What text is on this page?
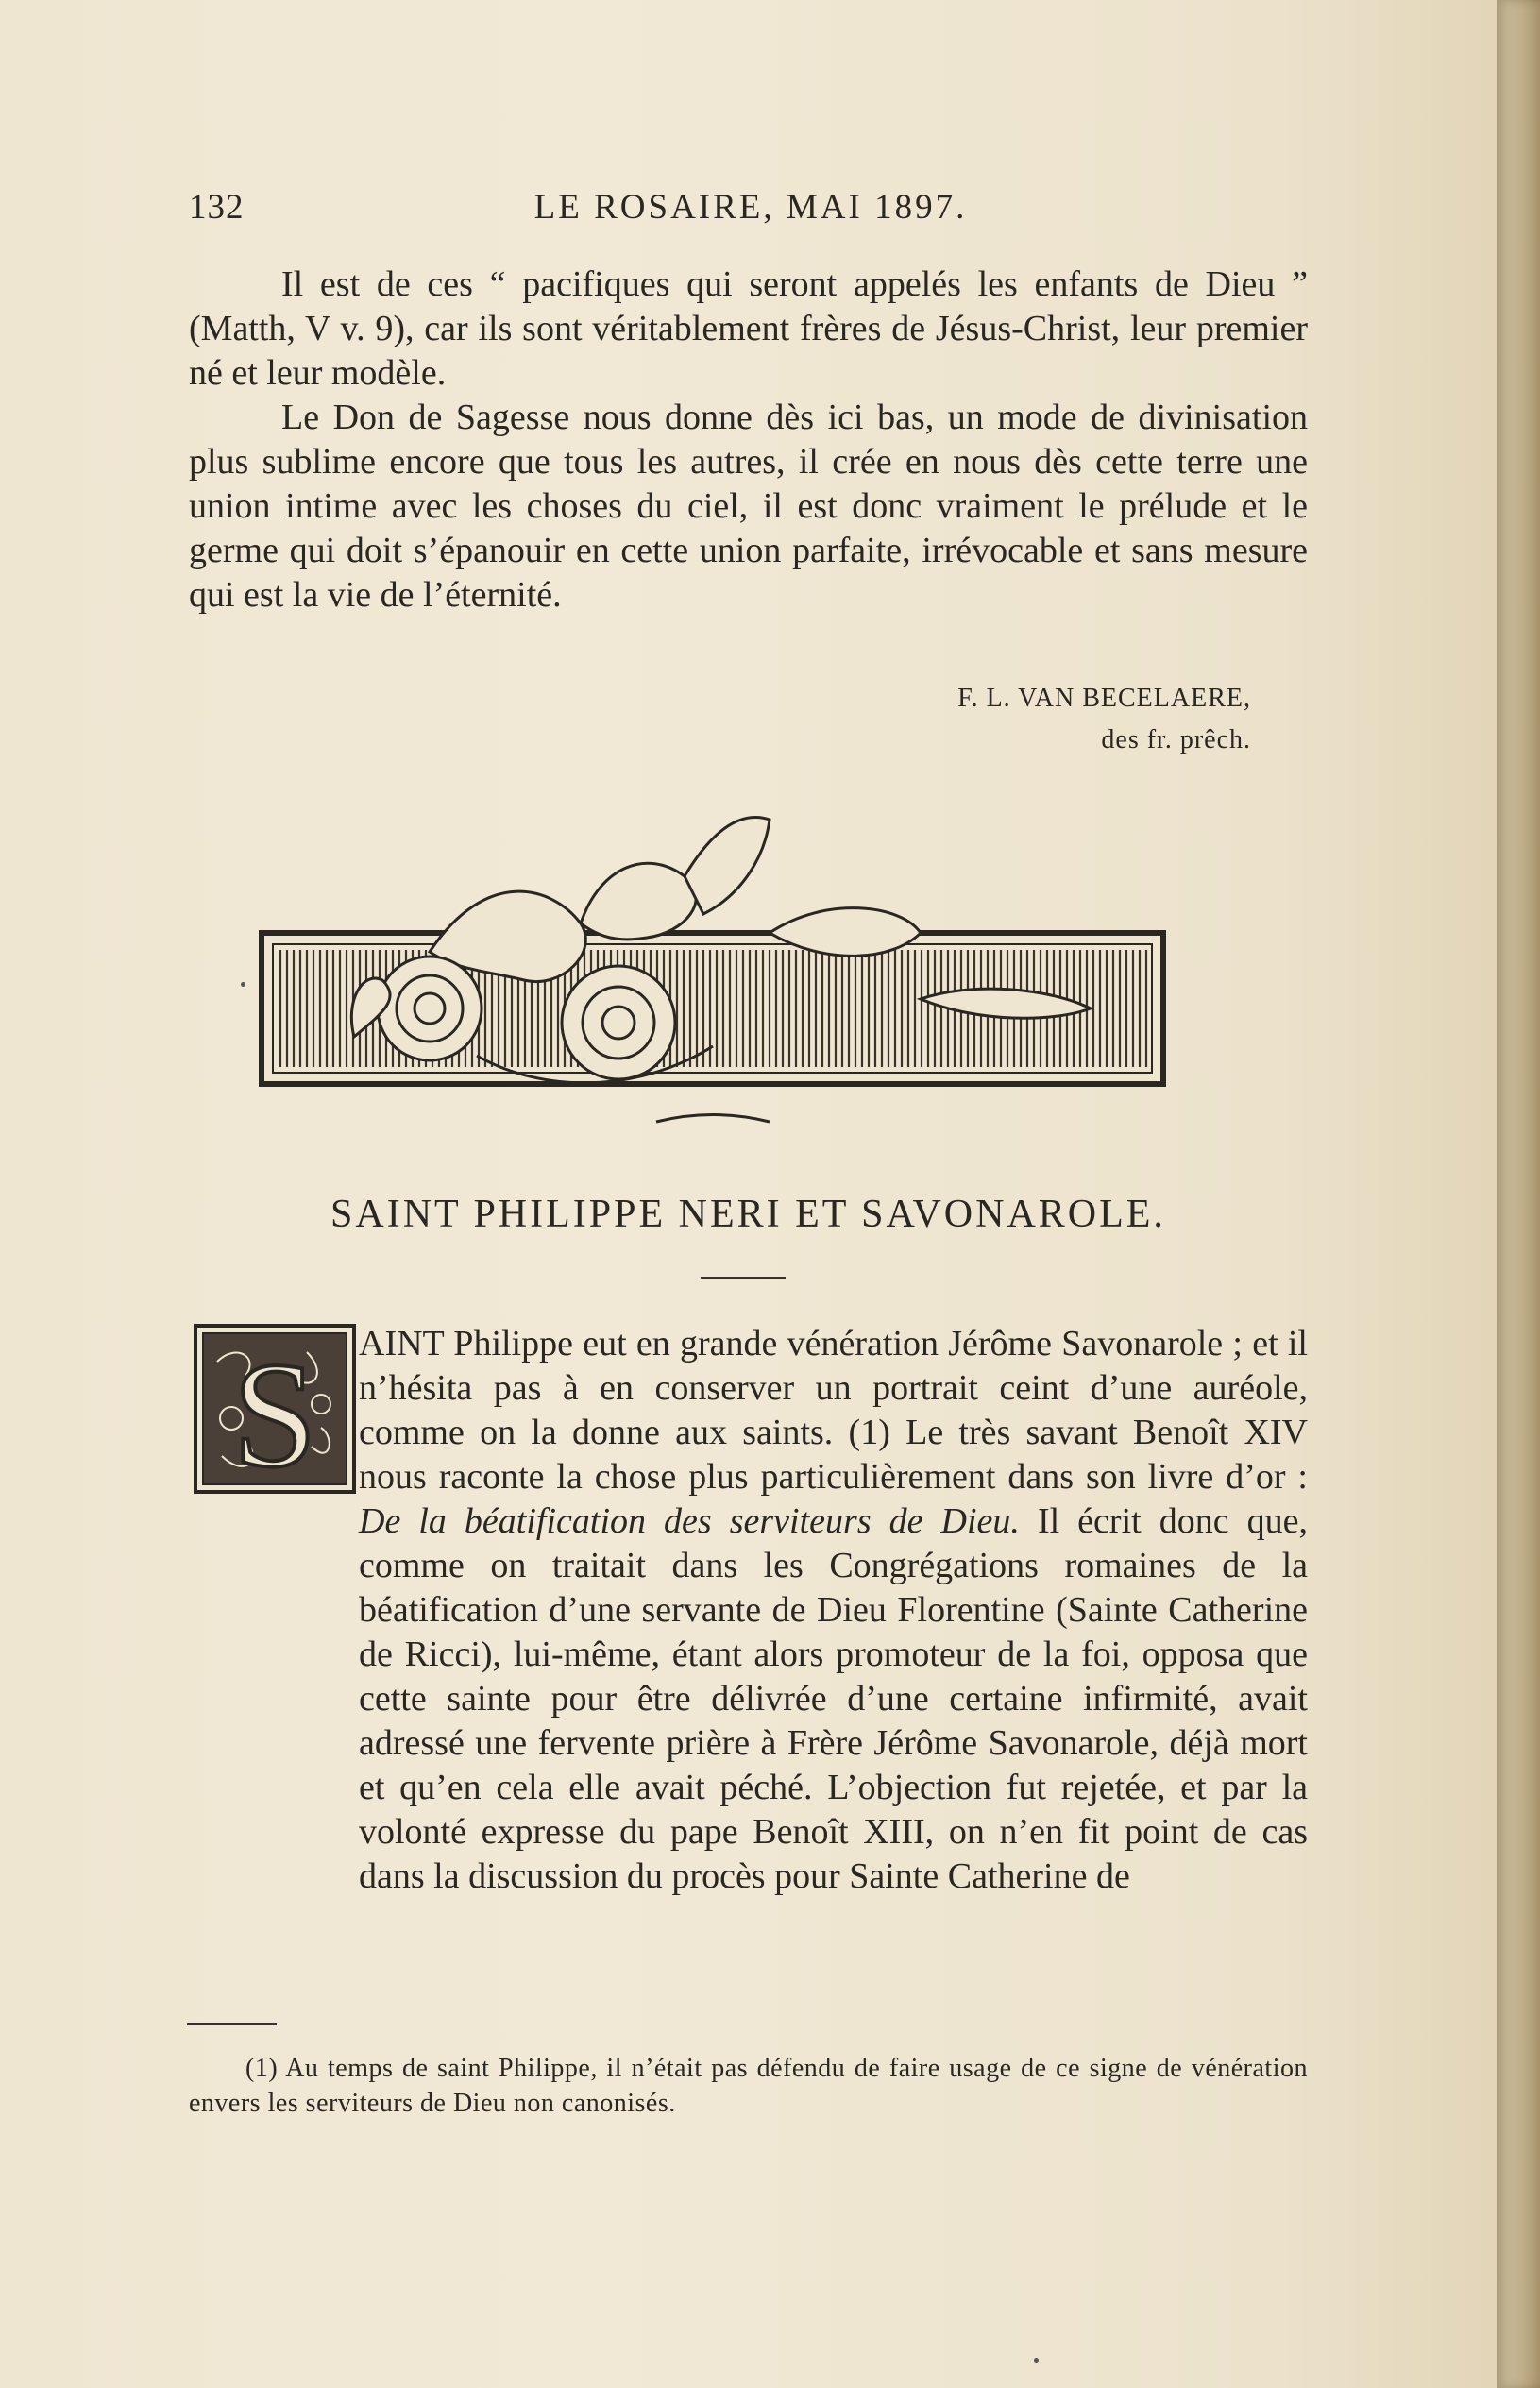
132	LE ROSAIRE, MAI 1897.

Il est de ces “ pacifiques qui seront appelés les enfants de Dieu ” (Matth, V v. 9), car ils sont véritablement frères de Jésus-Christ, leur premier né et leur modèle.

Le Don de Sagesse nous donne dès ici bas, un mode de divinisation plus sublime encore que tous les autres, il crée en nous dès cette terre une union intime avec les choses du ciel, il est donc vraiment le prélude et le germe qui doit s’épanouir en cette union parfaite, irrévocable et sans mesure qui est la vie de l’éternité.

F. L. VAN BECELAERE,
des fr. prêch.
SAINT PHILIPPE NERI ET SAVONAROLE.
S	AINT Philippe eut en grande vénération Jérôme Savonarole ; et il n’hésita pas à en conserver un portrait ceint d’une auréole, comme on la donne aux saints. (1) Le très savant Benoît XIV nous raconte la chose plus particulièrement dans son livre d’or : De la béatification des serviteurs de Dieu. Il écrit donc que, comme on traitait dans les Congrégations romaines de la béatification d’une servante de Dieu Florentine (Sainte Catherine de Ricci), lui-même, étant alors promoteur de la foi, opposa que cette sainte pour être délivrée d’une certaine infirmité, avait adressé une fervente prière à Frère Jérôme Savonarole, déjà mort et qu’en cela elle avait péché. L’objection fut rejetée, et par la volonté expresse du pape Benoît XIII, on n’en fit point de cas dans la discussion du procès pour Sainte Catherine de

(1) Au temps de saint Philippe, il n’était pas défendu de faire usage de ce signe de vénération envers les serviteurs de Dieu non canonisés.
